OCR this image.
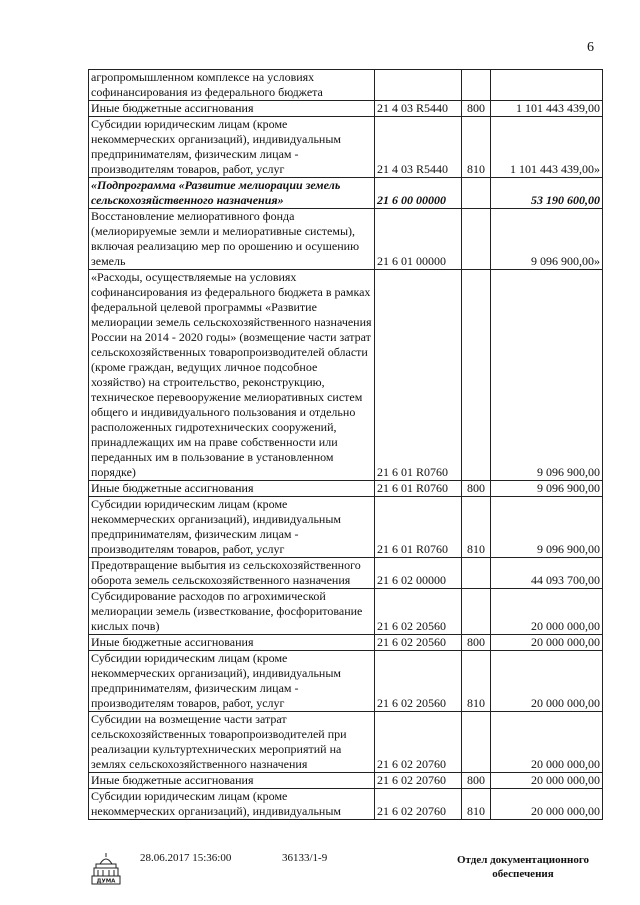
6
агропромышленном комплексе на условиях софинансирования из федерального бюджета			
Иные бюджетные ассигнования	21 4 03 R5440	800	1 101 443 439,00
Субсидии юридическим лицам (кроме некоммерческих организаций), индивидуальным предпринимателям, физическим лицам - производителям товаров, работ, услуг	21 4 03 R5440	810	1 101 443 439,00»
«Подпрограмма «Развитие мелиорации земель сельскохозяйственного назначения»	21 6 00 00000		53 190 600,00
Восстановление мелиоративного фонда (мелиорируемые земли и мелиоративные системы), включая реализацию мер по орошению и осушению земель	21 6 01 00000		9 096 900,00»
«Расходы, осуществляемые на условиях софинансирования из федерального бюджета в рамках федеральной целевой программы «Развитие мелиорации земель сельскохозяйственного назначения России на 2014 - 2020 годы» (возмещение части затрат сельскохозяйственных товаропроизводителей области (кроме граждан, ведущих личное подсобное хозяйство) на строительство, реконструкцию, техническое перевооружение мелиоративных систем общего и индивидуального пользования и отдельно расположенных гидротехнических сооружений, принадлежащих им на праве собственности или переданных им в пользование в установленном порядке)	21 6 01 R0760		9 096 900,00
Иные бюджетные ассигнования	21 6 01 R0760	800	9 096 900,00
Субсидии юридическим лицам (кроме некоммерческих организаций), индивидуальным предпринимателям, физическим лицам - производителям товаров, работ, услуг	21 6 01 R0760	810	9 096 900,00
Предотвращение выбытия из сельскохозяйственного оборота земель сельскохозяйственного назначения	21 6 02 00000		44 093 700,00
Субсидирование расходов по агрохимической мелиорации земель (известкование, фосфоритование кислых почв)	21 6 02 20560		20 000 000,00
Иные бюджетные ассигнования	21 6 02 20560	800	20 000 000,00
Субсидии юридическим лицам (кроме некоммерческих организаций), индивидуальным предпринимателям, физическим лицам - производителям товаров, работ, услуг	21 6 02 20560	810	20 000 000,00
Субсидии на возмещение части затрат сельскохозяйственных товаропроизводителей при реализации культуртехнических мероприятий на землях сельскохозяйственного назначения	21 6 02 20760		20 000 000,00
Иные бюджетные ассигнования	21 6 02 20760	800	20 000 000,00
Субсидии юридическим лицам (кроме некоммерческих организаций), индивидуальным	21 6 02 20760	810	20 000 000,00
ДУМА
28.06.2017 15:36:00	36133/1-9	Отдел документационного
обеспечения
